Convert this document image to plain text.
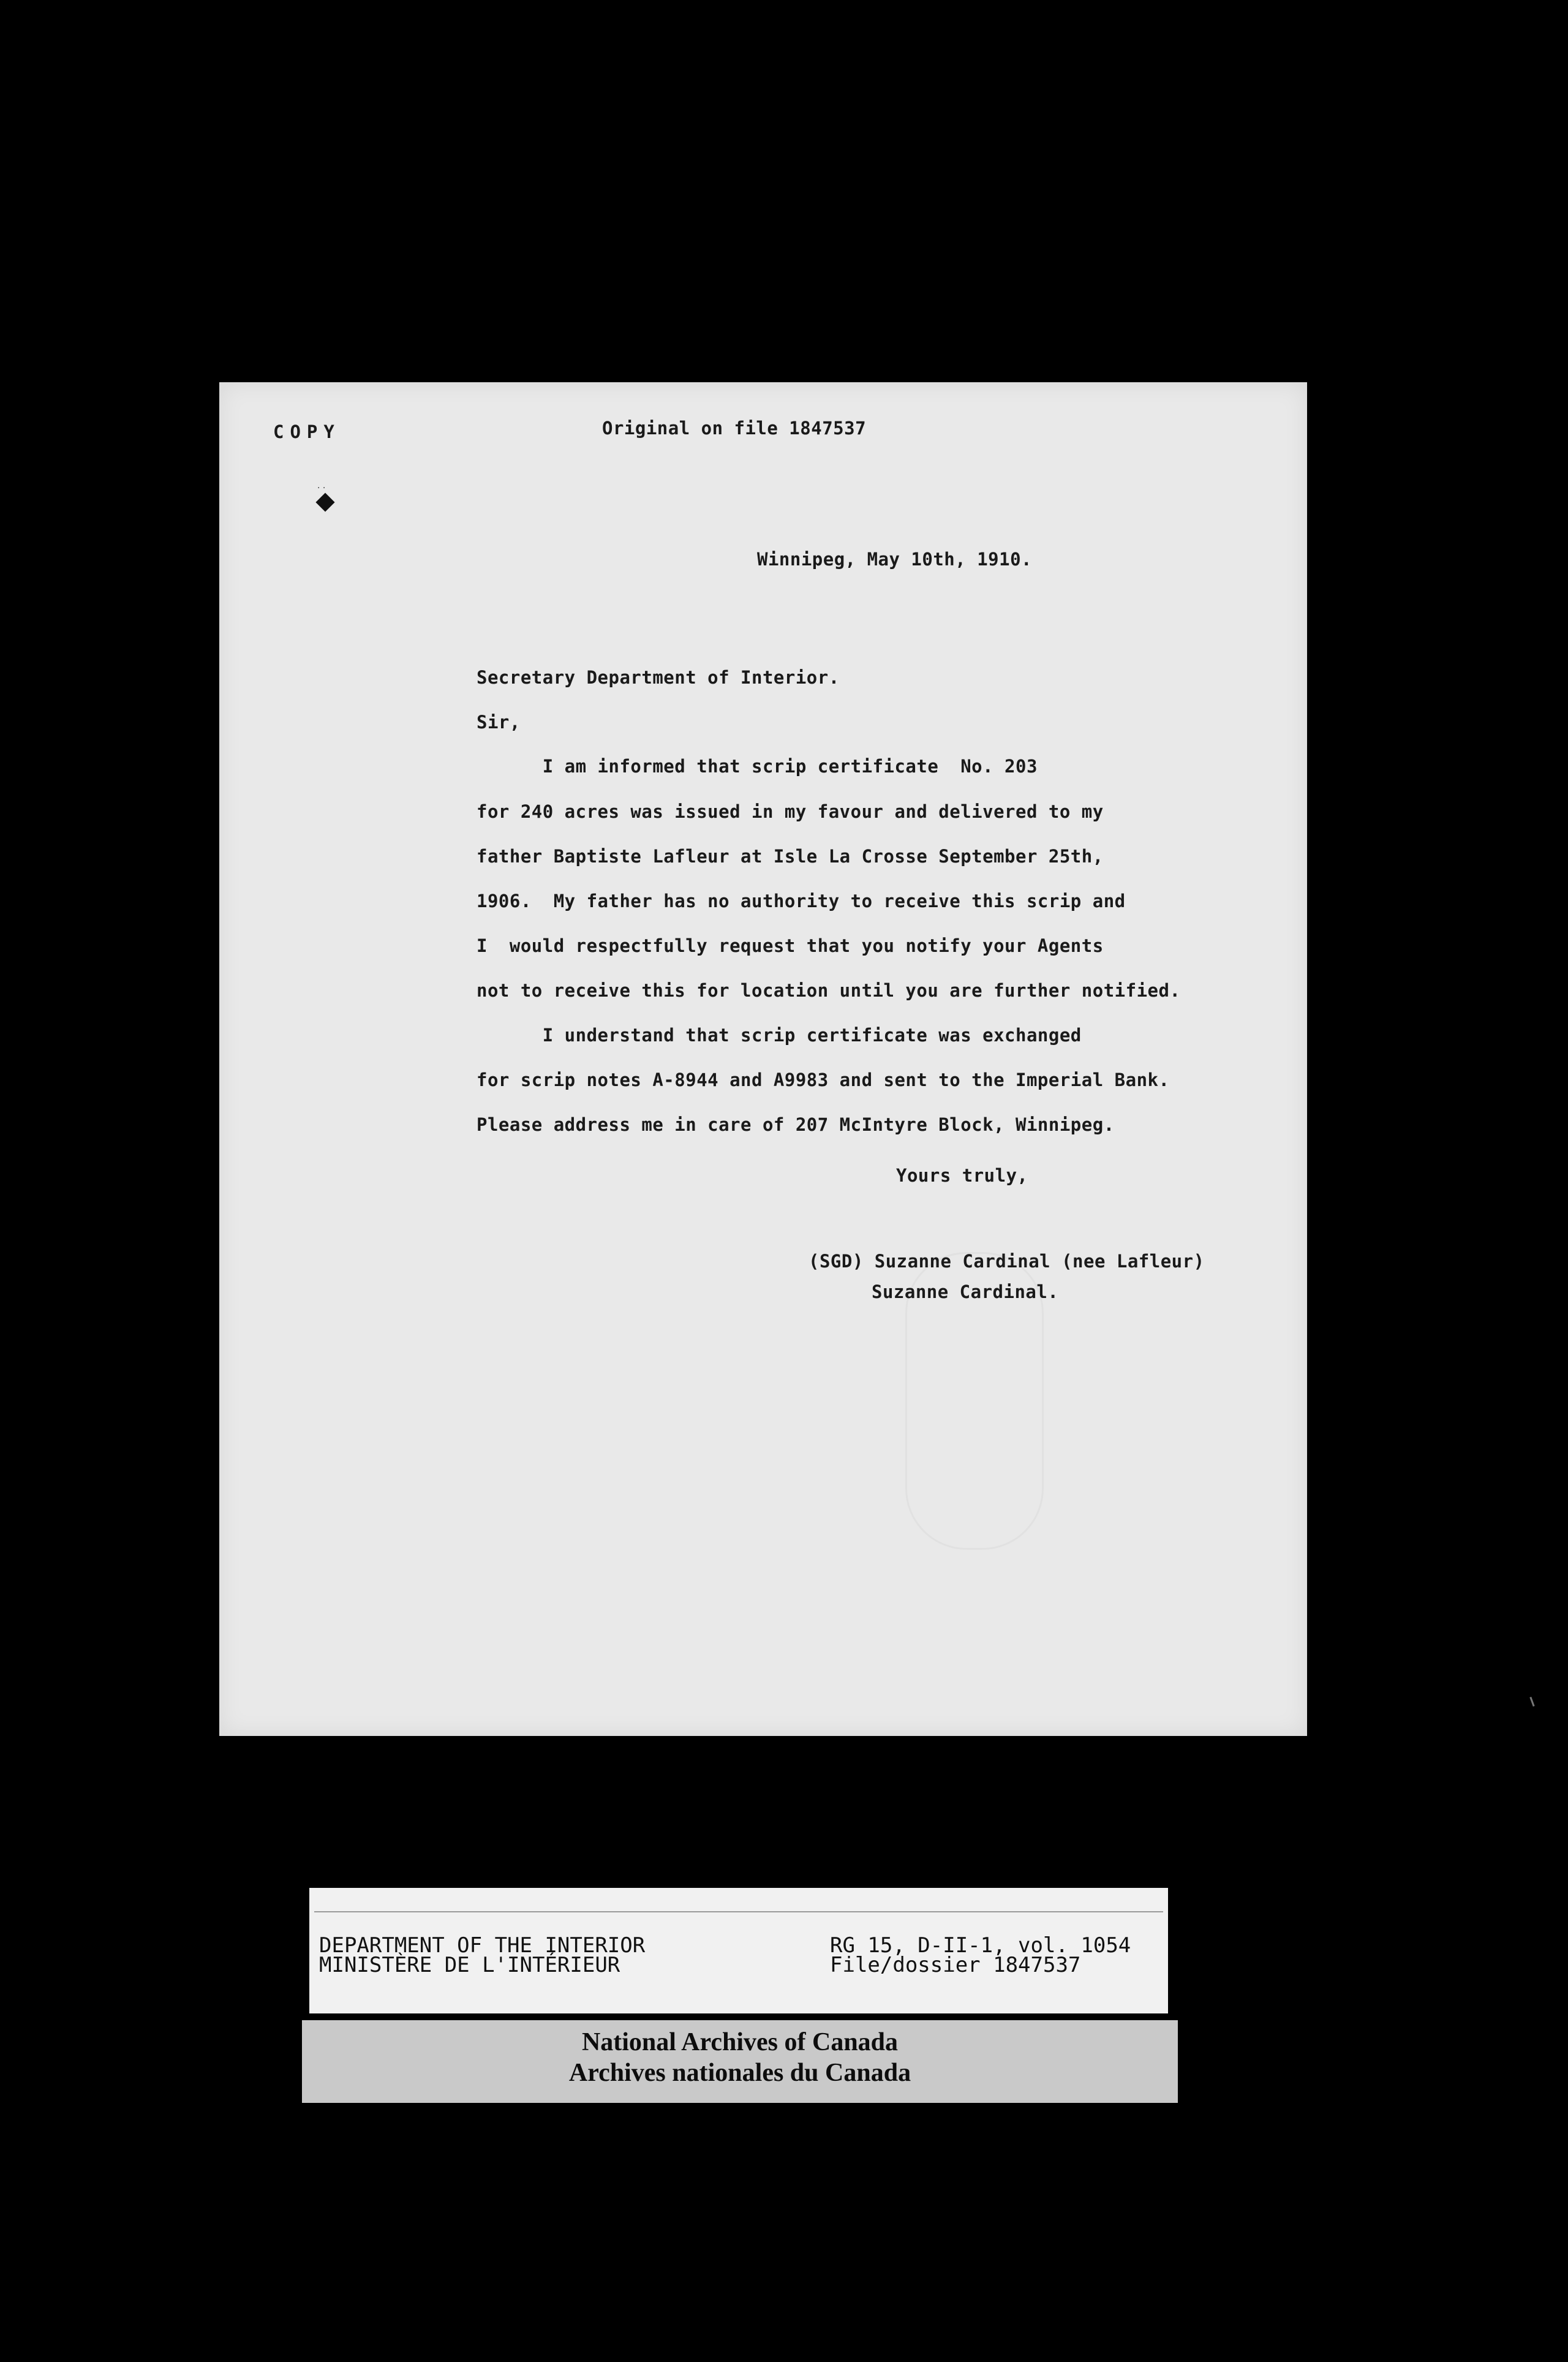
COPY
· ·
Original on file 1847537
Winnipeg, May 10th, 1910.
Secretary Department of Interior.
Sir,
I am informed that scrip certificate  No. 203
for 240 acres was issued in my favour and delivered to my
father Baptiste Lafleur at Isle La Crosse September 25th,
1906.  My father has no authority to receive this scrip and
I  would respectfully request that you notify your Agents
not to receive this for location until you are further notified.
I understand that scrip certificate was exchanged
for scrip notes A-8944 and A9983 and sent to the Imperial Bank.
Please address me in care of 207 McIntyre Block, Winnipeg.
Yours truly,
(SGD) Suzanne Cardinal (nee Lafleur)
Suzanne Cardinal.
DEPARTMENT OF THE INTERIOR
MINISTÈRE DE L'INTÉRIEUR
RG 15, D-II-1, vol. 1054
File/dossier 1847537
National Archives of Canada
Archives nationales du Canada
